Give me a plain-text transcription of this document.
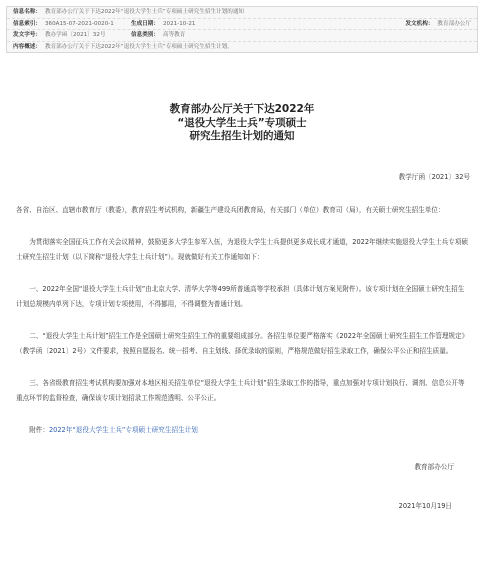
信息名称： 教育部办公厅关于下达2022年“退役大学生士兵”专项硕士研究生招生计划的通知
信息索引： 360A15-07-2021-0020-1	生成日期： 2021-10-21	发文机构： 教育部办公厅
发文字号： 教办学函〔2021〕32号	信息类别： 高等教育
内容概述： 教育部办公厅关于下达2022年“退役大学生士兵”专项硕士研究生招生计划。
教育部办公厅关于下达2022年
“退役大学生士兵”专项硕士
研究生招生计划的通知
教学厅函〔2021〕32号

各省、自治区、直辖市教育厅（教委），教育招生考试机构，新疆生产建设兵团教育局，有关部门（单位）教育司（局），有关硕士研究生招生单位：

为贯彻落实全国征兵工作有关会议精神，鼓励更多大学生参军入伍，为退役大学生士兵提供更多成长成才通道，2022年继续实施退役大学生士兵专项硕士研究生招生计划（以下简称“退役大学生士兵计划”）。现就做好有关工作通知如下：

一、2022年全国“退役大学生士兵计划”由北京大学、清华大学等499所普通高等学校承担（具体计划方案见附件）。该专项计划在全国硕士研究生招生计划总规模内单列下达，专项计划专项使用，不得挪用，不得调整为普通计划。

二、“退役大学生士兵计划”招生工作是全国硕士研究生招生工作的重要组成部分。各招生单位要严格落实《2022年全国硕士研究生招生工作管理规定》（教学函〔2021〕2号）文件要求，按照自愿报名、统一招考、自主划线、择优录取的原则，严格规范做好招生录取工作，确保公平公正和招生质量。

三、各省级教育招生考试机构要加强对本地区相关招生单位“退役大学生士兵计划”招生录取工作的指导，重点加强对专项计划执行、调剂、信息公开等重点环节的监督检查，确保该专项计划招录工作规范透明、公平公正。

附件：2022年“退役大学生士兵”专项硕士研究生招生计划

教育部办公厅
2021年10月19日
